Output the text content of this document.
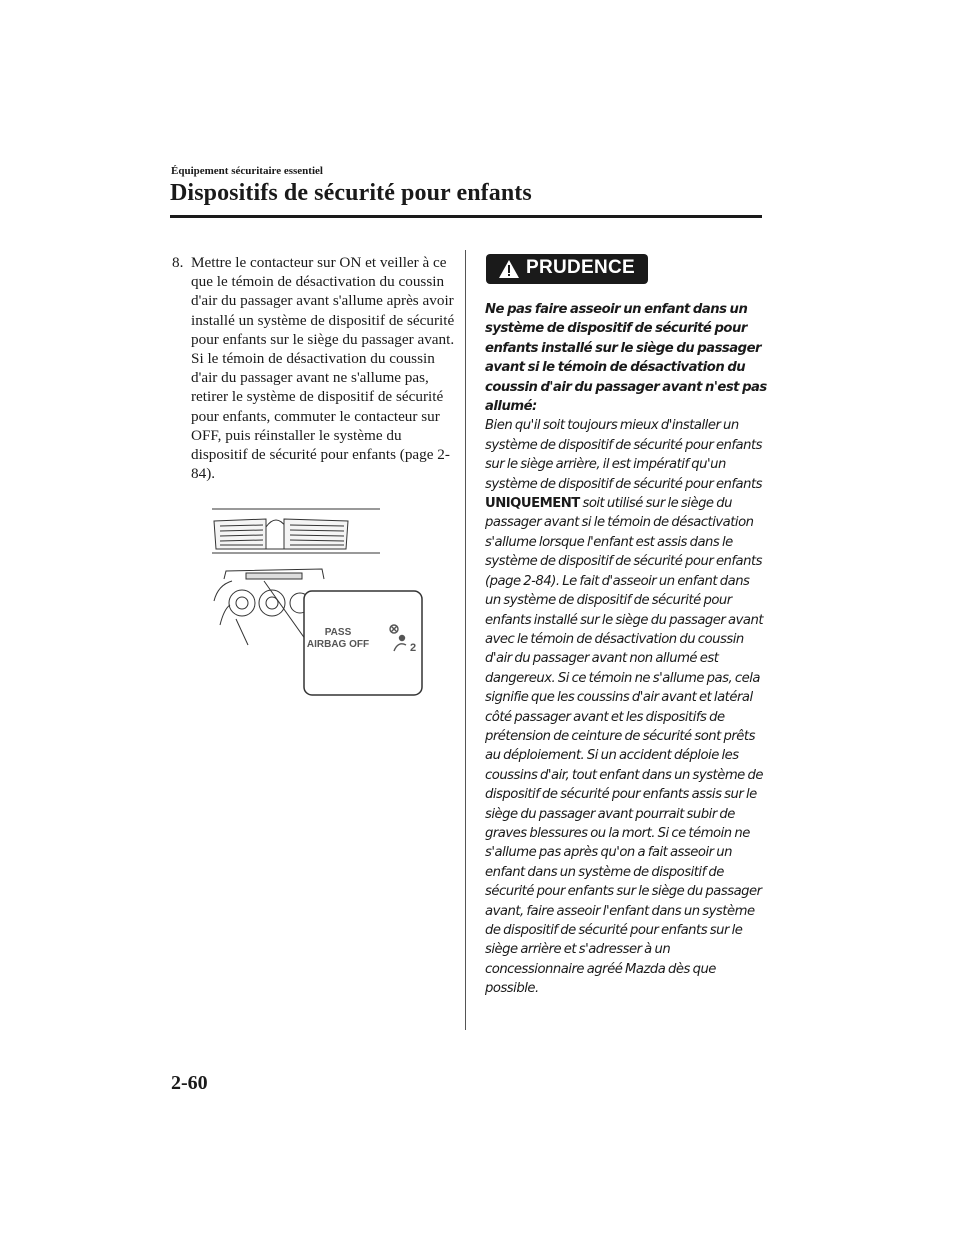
Équipement sécuritaire essentiel
Dispositifs de sécurité pour enfants
8. Mettre le contacteur sur ON et veiller à ce que le témoin de désactivation du coussin d'air du passager avant s'allume après avoir installé un système de dispositif de sécurité pour enfants sur le siège du passager avant. Si le témoin de désactivation du coussin d'air du passager avant ne s'allume pas, retirer le système de dispositif de sécurité pour enfants, commuter le contacteur sur OFF, puis réinstaller le système du dispositif de sécurité pour enfants (page 2-84).
PASS
AIRBAG OFF	2
PRUDENCE

Ne pas faire asseoir un enfant dans un système de dispositif de sécurité pour enfants installé sur le siège du passager avant si le témoin de désactivation du coussin d'air du passager avant n'est pas allumé:

Bien qu'il soit toujours mieux d'installer un système de dispositif de sécurité pour enfants sur le siège arrière, il est impératif qu'un système de dispositif de sécurité pour enfants UNIQUEMENT soit utilisé sur le siège du passager avant si le témoin de désactivation s'allume lorsque l'enfant est assis dans le système de dispositif de sécurité pour enfants (page 2-84). Le fait d'asseoir un enfant dans un système de dispositif de sécurité pour enfants installé sur le siège du passager avant avec le témoin de désactivation du coussin d'air du passager avant non allumé est dangereux. Si ce témoin ne s'allume pas, cela signifie que les coussins d'air avant et latéral côté passager avant et les dispositifs de prétension de ceinture de sécurité sont prêts au déploiement. Si un accident déploie les coussins d'air, tout enfant dans un système de dispositif de sécurité pour enfants assis sur le siège du passager avant pourrait subir de graves blessures ou la mort. Si ce témoin ne s'allume pas après qu'on a fait asseoir un enfant dans un système de dispositif de sécurité pour enfants sur le siège du passager avant, faire asseoir l'enfant dans un système de dispositif de sécurité pour enfants sur le siège arrière et s'adresser à un concessionnaire agréé Mazda dès que possible.

2-60
